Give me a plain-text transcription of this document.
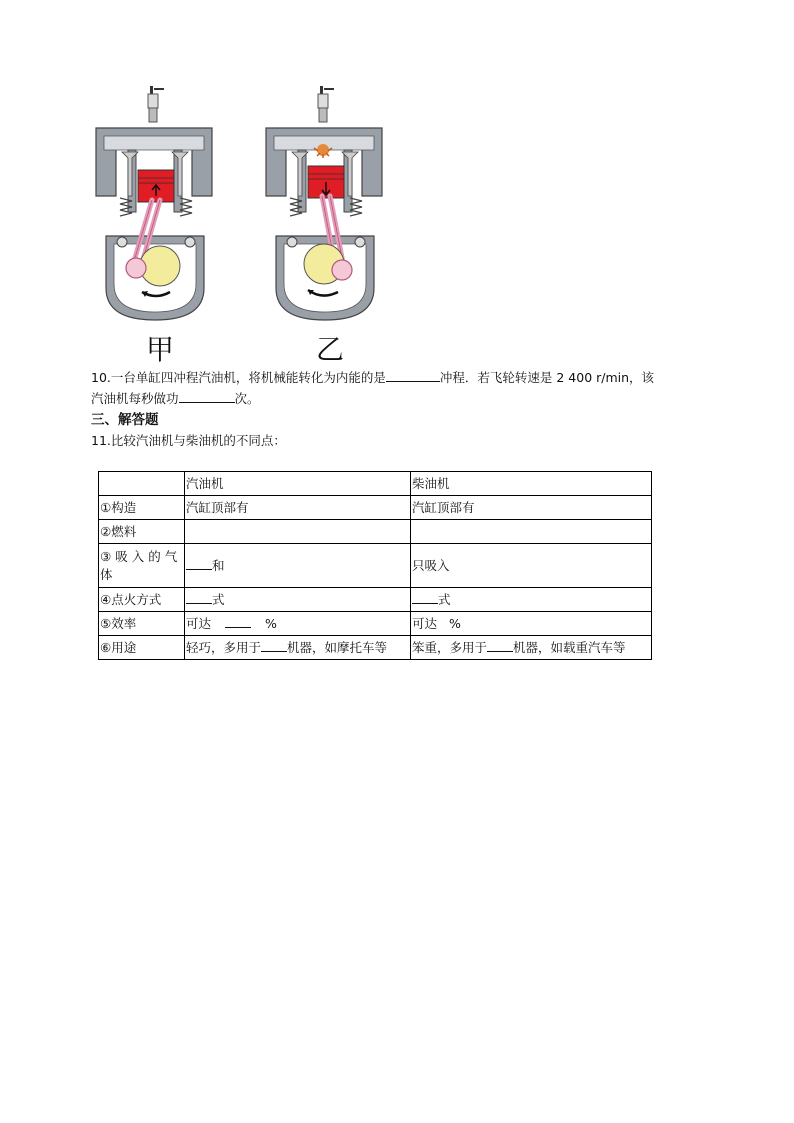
甲	乙
10.一台单缸四冲程汽油机，将机械能转化为内能的是	冲程．若飞轮转速是 2 400 r/min，该
汽油机每秒做功	次。
三、解答题
11.比较汽油机与柴油机的不同点：
	汽油机	柴油机
①构造	汽缸顶部有	汽缸顶部有
②燃料		
③吸入的气体	和	只吸入
④点火方式	式	式
⑤效率	可达 %	可达 %
⑥用途	轻巧，多用于 机器，如摩托车等	笨重，多用于 机器，如载重汽车等
